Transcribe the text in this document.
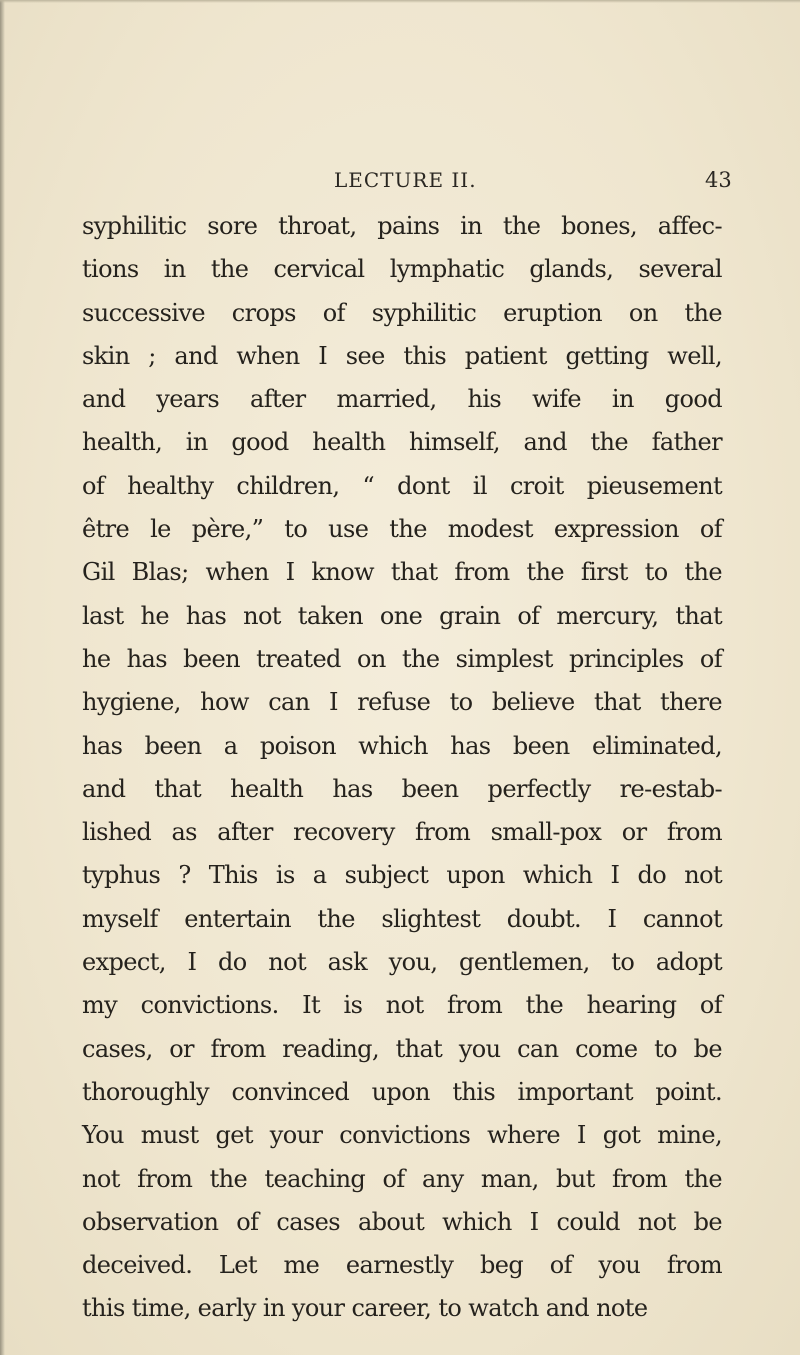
LECTURE II.	43
syphilitic sore throat, pains in the bones, affec-
tions in the cervical lymphatic glands, several
successive crops of syphilitic eruption on the
skin ; and when I see this patient getting well,
and years after married, his wife in good
health, in good health himself, and the father
of healthy children, “ dont il croit pieusement
être le père,” to use the modest expression of
Gil Blas; when I know that from the first to the
last he has not taken one grain of mercury, that
he has been treated on the simplest principles of
hygiene, how can I refuse to believe that there
has been a poison which has been eliminated,
and that health has been perfectly re-estab-
lished as after recovery from small-pox or from
typhus ? This is a subject upon which I do not
myself entertain the slightest doubt. I cannot
expect, I do not ask you, gentlemen, to adopt
my convictions. It is not from the hearing of
cases, or from reading, that you can come to be
thoroughly convinced upon this important point.
You must get your convictions where I got mine,
not from the teaching of any man, but from the
observation of cases about which I could not be
deceived. Let me earnestly beg of you from
this time, early in your career, to watch and note
